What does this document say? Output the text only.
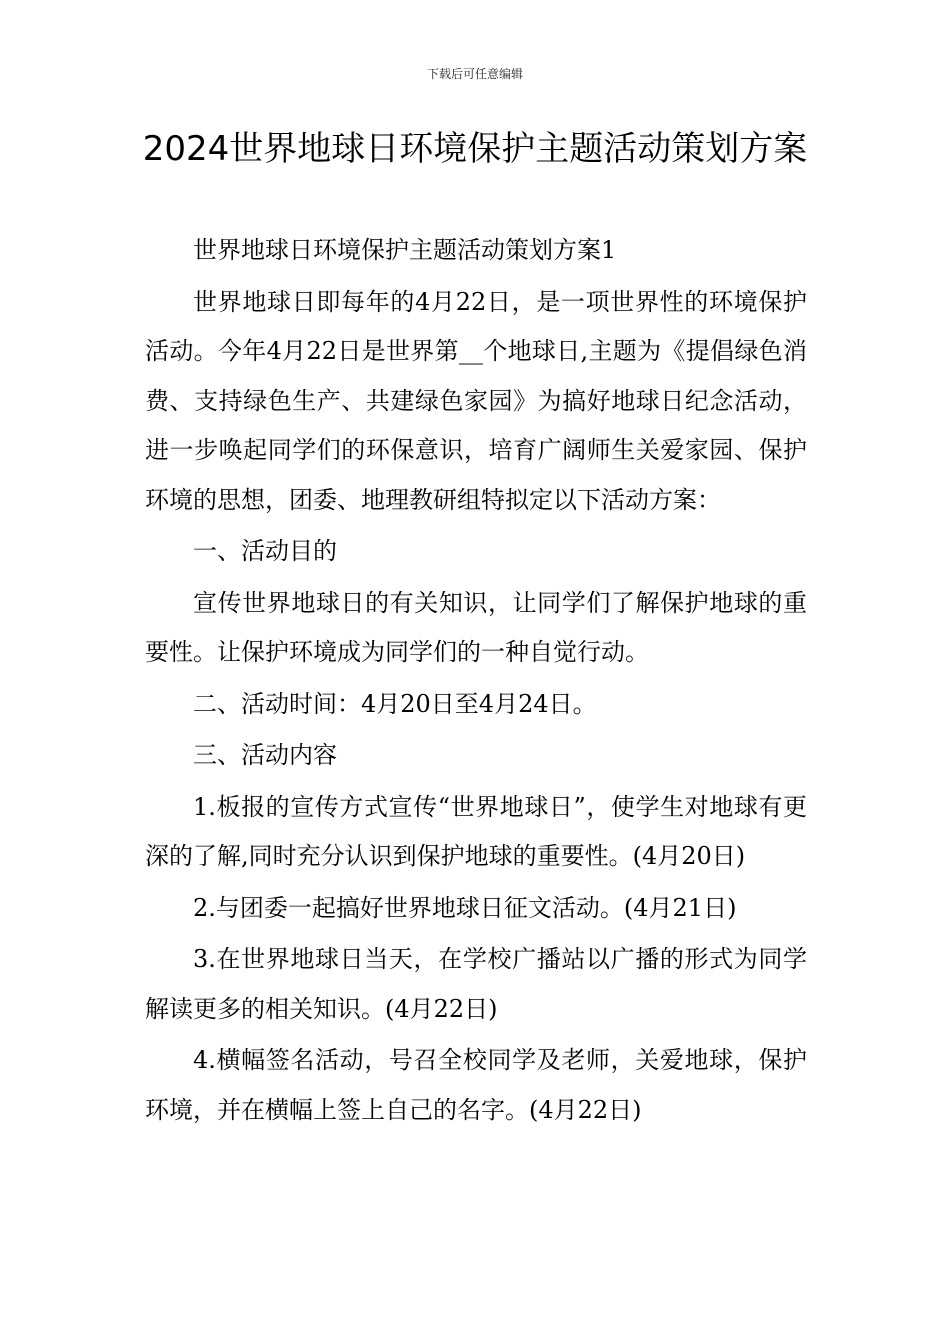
下载后可任意编辑
2024世界地球日环境保护主题活动策划方案

世界地球日环境保护主题活动策划方案1

世界地球日即每年的4月22日，是一项世界性的环境保护活动。今年4月22日是世界第__个地球日,主题为《提倡绿色消费、支持绿色生产、共建绿色家园》为搞好地球日纪念活动，进一步唤起同学们的环保意识，培育广阔师生关爱家园、保护环境的思想，团委、地理教研组特拟定以下活动方案：

一、活动目的

宣传世界地球日的有关知识，让同学们了解保护地球的重要性。让保护环境成为同学们的一种自觉行动。

二、活动时间：4月20日至4月24日。

三、活动内容

1.板报的宣传方式宣传“世界地球日”，使学生对地球有更深的了解,同时充分认识到保护地球的重要性。(4月20日)

2.与团委一起搞好世界地球日征文活动。(4月21日)

3.在世界地球日当天，在学校广播站以广播的形式为同学解读更多的相关知识。(4月22日)

4.横幅签名活动，号召全校同学及老师，关爱地球，保护环境，并在横幅上签上自己的名字。(4月22日)
